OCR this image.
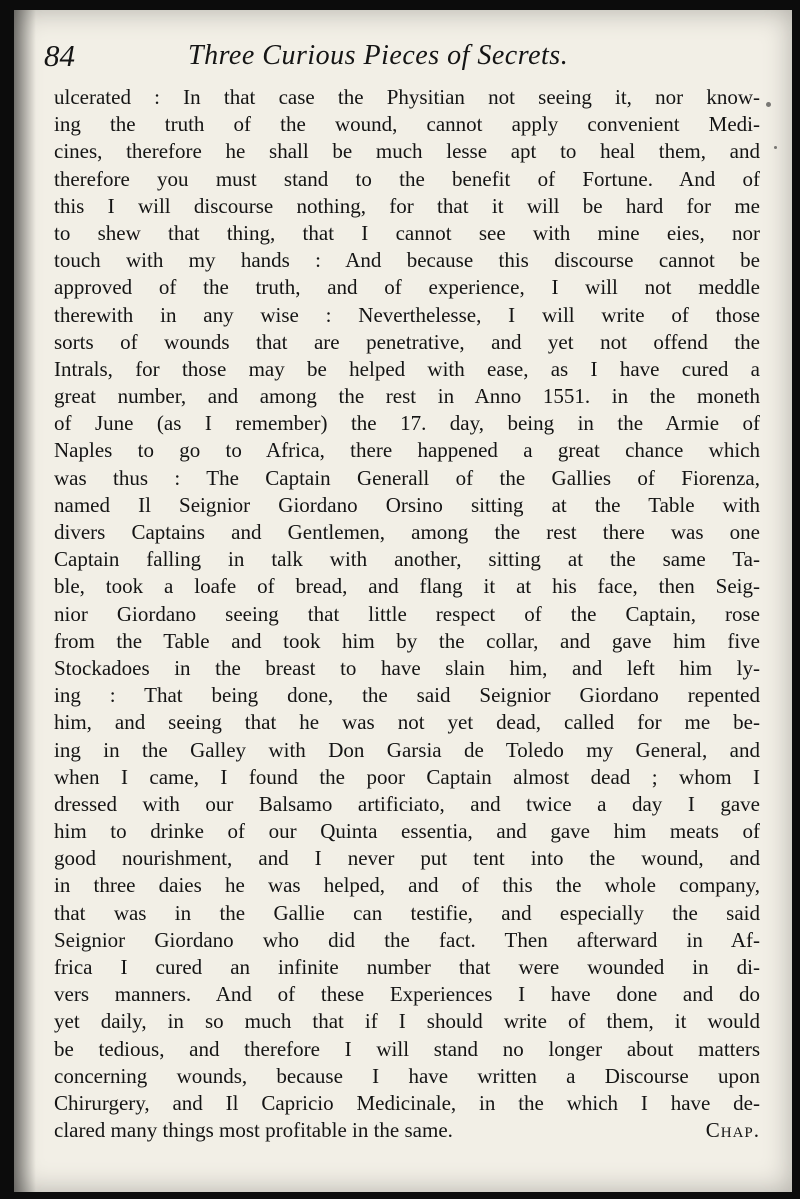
84	Three Curious Pieces of Secrets.
ulcerated : In that case the Physitian not seeing it, nor know-
ing the truth of the wound, cannot apply convenient Medi-
cines, therefore he shall be much lesse apt to heal them, and
therefore you must stand to the benefit of Fortune. And of
this I will discourse nothing, for that it will be hard for me
to shew that thing, that I cannot see with mine eies, nor
touch with my hands : And because this discourse cannot be
approved of the truth, and of experience, I will not meddle
therewith in any wise : Neverthelesse, I will write of those
sorts of wounds that are penetrative, and yet not offend the
Intrals, for those may be helped with ease, as I have cured a
great number, and among the rest in Anno 1551. in the moneth
of June (as I remember) the 17. day, being in the Armie of
Naples to go to Africa, there happened a great chance which
was thus : The Captain Generall of the Gallies of Fiorenza,
named Il Seignior Giordano Orsino sitting at the Table with
divers Captains and Gentlemen, among the rest there was one
Captain falling in talk with another, sitting at the same Ta-
ble, took a loafe of bread, and flang it at his face, then Seig-
nior Giordano seeing that little respect of the Captain, rose
from the Table and took him by the collar, and gave him five
Stockadoes in the breast to have slain him, and left him ly-
ing : That being done, the said Seignior Giordano repented
him, and seeing that he was not yet dead, called for me be-
ing in the Galley with Don Garsia de Toledo my General, and
when I came, I found the poor Captain almost dead ; whom I
dressed with our Balsamo artificiato, and twice a day I gave
him to drinke of our Quinta essentia, and gave him meats of
good nourishment, and I never put tent into the wound, and
in three daies he was helped, and of this the whole company,
that was in the Gallie can testifie, and especially the said
Seignior Giordano who did the fact. Then afterward in Af-
frica I cured an infinite number that were wounded in di-
vers manners. And of these Experiences I have done and do
yet daily, in so much that if I should write of them, it would
be tedious, and therefore I will stand no longer about matters
concerning wounds, because I have written a Discourse upon
Chirurgery, and Il Capricio Medicinale, in the which I have de-
clared many things most profitable in the same.	Chap.
